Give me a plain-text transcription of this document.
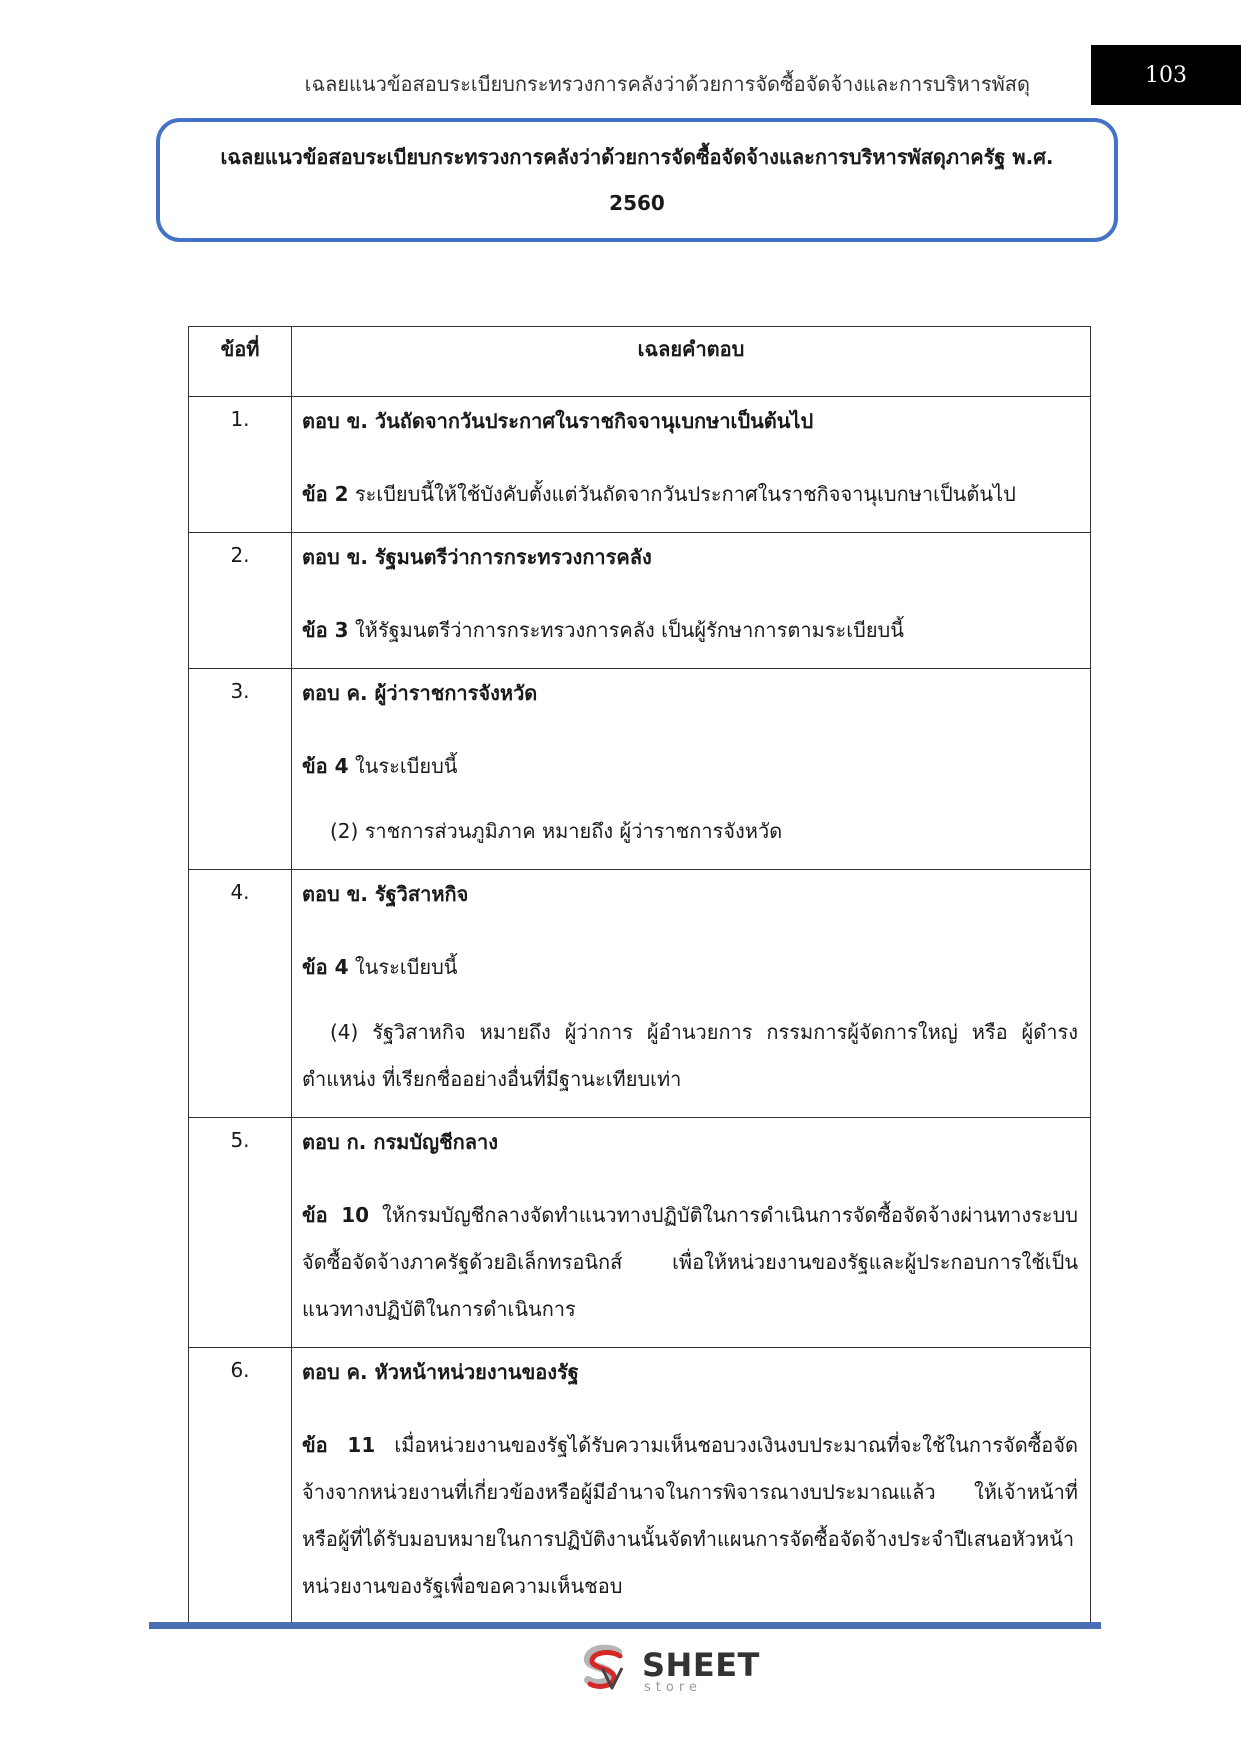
เฉลยแนวข้อสอบระเบียบกระทรวงการคลังว่าด้วยการจัดซื้อจัดจ้างและการบริหารพัสดุ	103
เฉลยแนวข้อสอบระเบียบกระทรวงการคลังว่าด้วยการจัดซื้อจัดจ้างและการบริหารพัสดุภาครัฐ พ.ศ. 2560
ข้อที่	เฉลยคำตอบ
1.	ตอบ ข. วันถัดจากวันประกาศในราชกิจจานุเบกษาเป็นต้นไป

ข้อ 2 ระเบียบนี้ให้ใช้บังคับตั้งแต่วันถัดจากวันประกาศในราชกิจจานุเบกษาเป็นต้นไป

2.	ตอบ ข. รัฐมนตรีว่าการกระทรวงการคลัง

ข้อ 3 ให้รัฐมนตรีว่าการกระทรวงการคลัง เป็นผู้รักษาการตามระเบียบนี้

3.	ตอบ ค. ผู้ว่าราชการจังหวัด

ข้อ 4 ในระเบียบนี้

(2) ราชการส่วนภูมิภาค หมายถึง ผู้ว่าราชการจังหวัด

4.	ตอบ ข. รัฐวิสาหกิจ

ข้อ 4 ในระเบียบนี้

(4) รัฐวิสาหกิจ หมายถึง ผู้ว่าการ ผู้อำนวยการ กรรมการผู้จัดการใหญ่ หรือ ผู้ดำรงตำแหน่ง ที่เรียกชื่ออย่างอื่นที่มีฐานะเทียบเท่า

5.	ตอบ ก. กรมบัญชีกลาง

ข้อ 10 ให้กรมบัญชีกลางจัดทำแนวทางปฏิบัติในการดำเนินการจัดซื้อจัดจ้างผ่านทางระบบจัดซื้อจัดจ้างภาครัฐด้วยอิเล็กทรอนิกส์ เพื่อให้หน่วยงานของรัฐและผู้ประกอบการใช้เป็นแนวทางปฏิบัติในการดำเนินการ

6.	ตอบ ค. หัวหน้าหน่วยงานของรัฐ

ข้อ 11 เมื่อหน่วยงานของรัฐได้รับความเห็นชอบวงเงินงบประมาณที่จะใช้ในการจัดซื้อจัดจ้างจากหน่วยงานที่เกี่ยวข้องหรือผู้มีอำนาจในการพิจารณางบประมาณแล้ว ให้เจ้าหน้าที่หรือผู้ที่ได้รับมอบหมายในการปฏิบัติงานนั้นจัดทำแผนการจัดซื้อจัดจ้างประจำปีเสนอหัวหน้าหน่วยงานของรัฐเพื่อขอความเห็นชอบ

SHEET
store
